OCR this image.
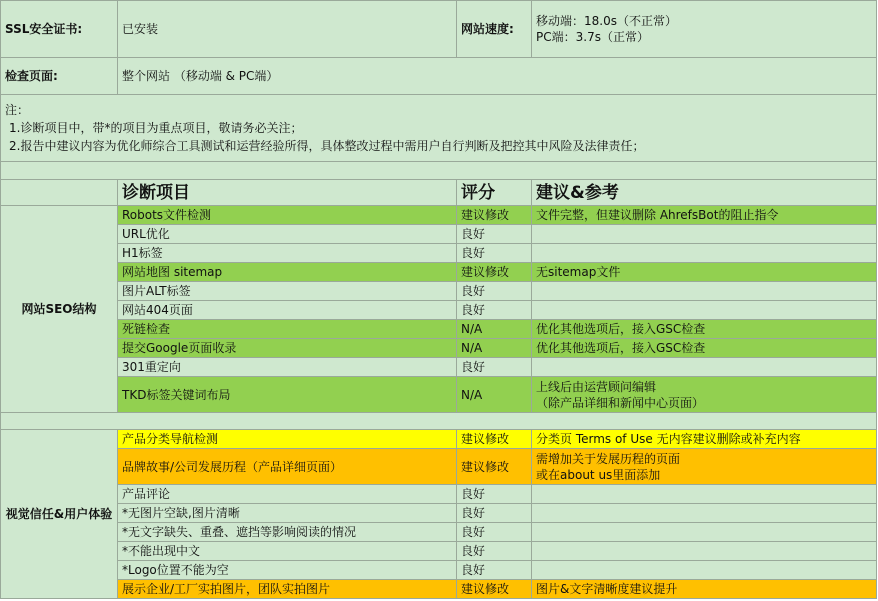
SSL安全证书:	已安装	网站速度:	移动端：18.0s（不正常）
PC端：3.7s（正常）

检查页面:	整个网站 （移动端 & PC端）		

注：
1.诊断项目中，带*的项目为重点项目，敬请务必关注；
2.报告中建议内容为优化师综合工具测试和运营经验所得，具体整改过程中需用户自行判断及把控其中风险及法律责任；			

	诊断项目	评分	建议&参考
网站SEO结构	Robots文件检测	建议修改	文件完整，但建议删除 AhrefsBot的阻止指令
	URL优化	良好	
	H1标签	良好	
	网站地图 sitemap	建议修改	无sitemap文件
	图片ALT标签	良好	
	网站404页面	良好	
	死链检查	N/A	优化其他选项后，接入GSC检查
	提交Google页面收录	N/A	优化其他选项后，接入GSC检查
	301重定向	良好	
	TKD标签关键词布局	N/A	上线后由运营顾问编辑
（除产品详细和新闻中心页面）

视觉信任&用户体验	产品分类导航检测	建议修改	分类页 Terms of Use 无内容建议删除或补充内容
	品牌故事/公司发展历程（产品详细页面）	建议修改	需增加关于发展历程的页面
或在about us里面添加

	产品评论	良好	
	*无图片空缺,图片清晰	良好	
	*无文字缺失、重叠、遮挡等影响阅读的情况	良好	
	*不能出现中文	良好	
	*Logo位置不能为空	良好	
	展示企业/工厂实拍图片，团队实拍图片	建议修改	图片&文字清晰度建议提升
